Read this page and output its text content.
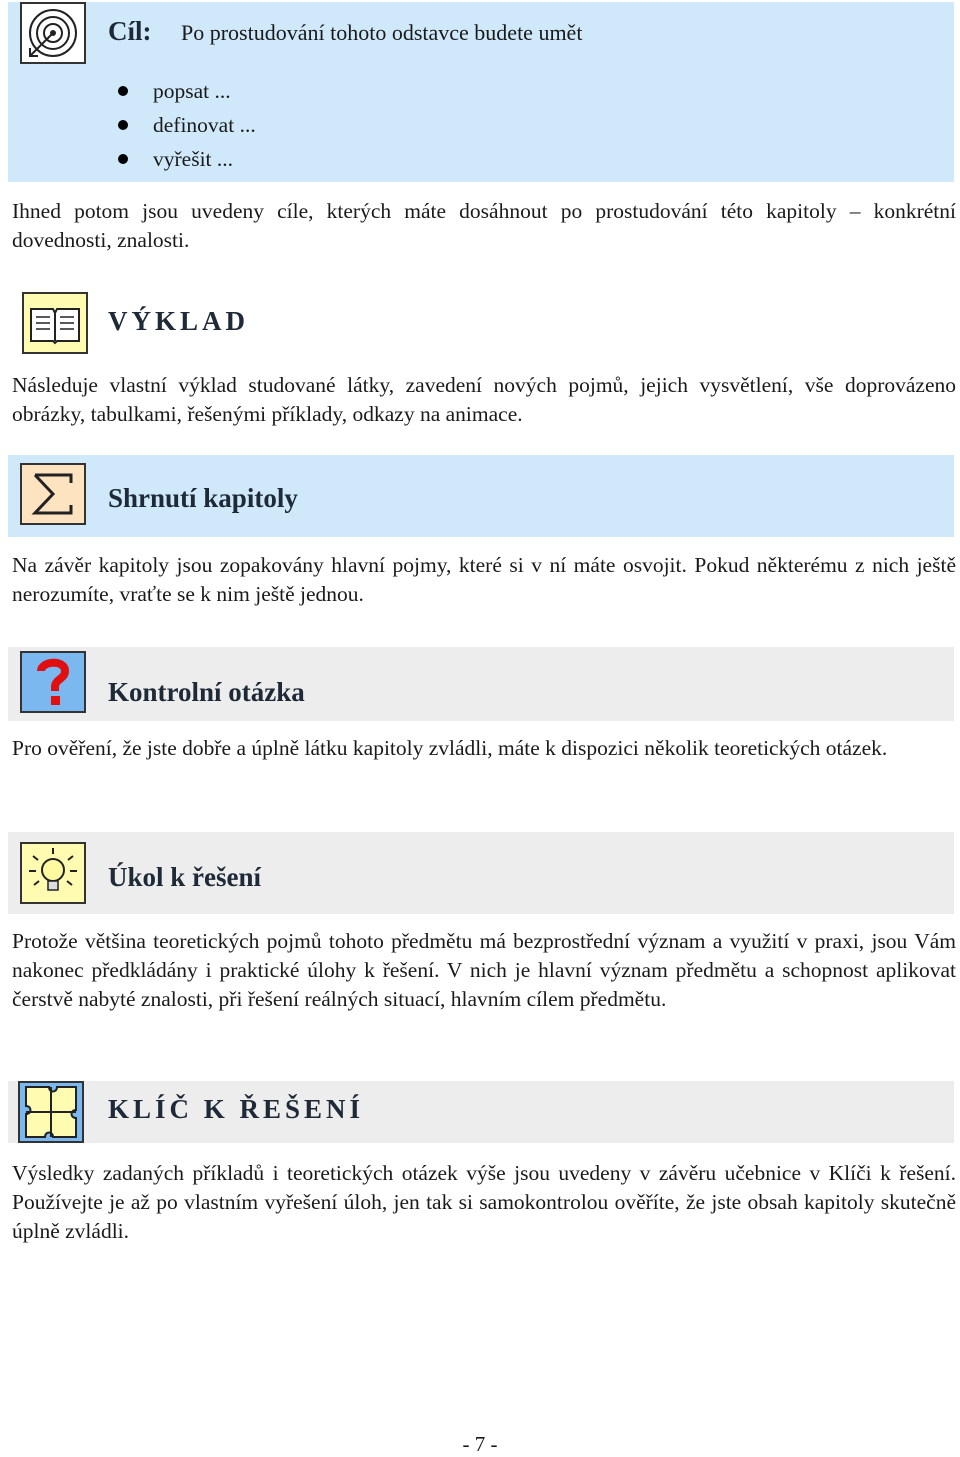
Cíl: Po prostudování tohoto odstavce budete umět
popsat ...
definovat ...
vyřešit ...

Ihned potom jsou uvedeny cíle, kterých máte dosáhnout po prostudování této kapitoly – konkrétní dovednosti, znalosti.

VÝKLAD

Následuje vlastní výklad studované látky, zavedení nových pojmů, jejich vysvětlení, vše doprovázeno obrázky, tabulkami, řešenými příklady, odkazy na animace.

Shrnutí kapitoly

Na závěr kapitoly jsou zopakovány hlavní pojmy, které si v ní máte osvojit. Pokud některému z nich ještě nerozumíte, vraťte se k nim ještě jednou.

Kontrolní otázka

Pro ověření, že jste dobře a úplně látku kapitoly zvládli, máte k dispozici několik teoretických otázek.

Úkol k řešení

Protože většina teoretických pojmů tohoto předmětu má bezprostřední význam a využití v praxi, jsou Vám nakonec předkládány i praktické úlohy k řešení. V nich je hlavní význam předmětu a schopnost aplikovat čerstvě nabyté znalosti, při řešení reálných situací, hlavním cílem předmětu.

KLÍČ K ŘEŠENÍ

Výsledky zadaných příkladů i teoretických otázek výše jsou uvedeny v závěru učebnice v Klíči k řešení. Používejte je až po vlastním vyřešení úloh, jen tak si samokontrolou ověříte, že jste obsah kapitoly skutečně úplně zvládli.

- 7 -
